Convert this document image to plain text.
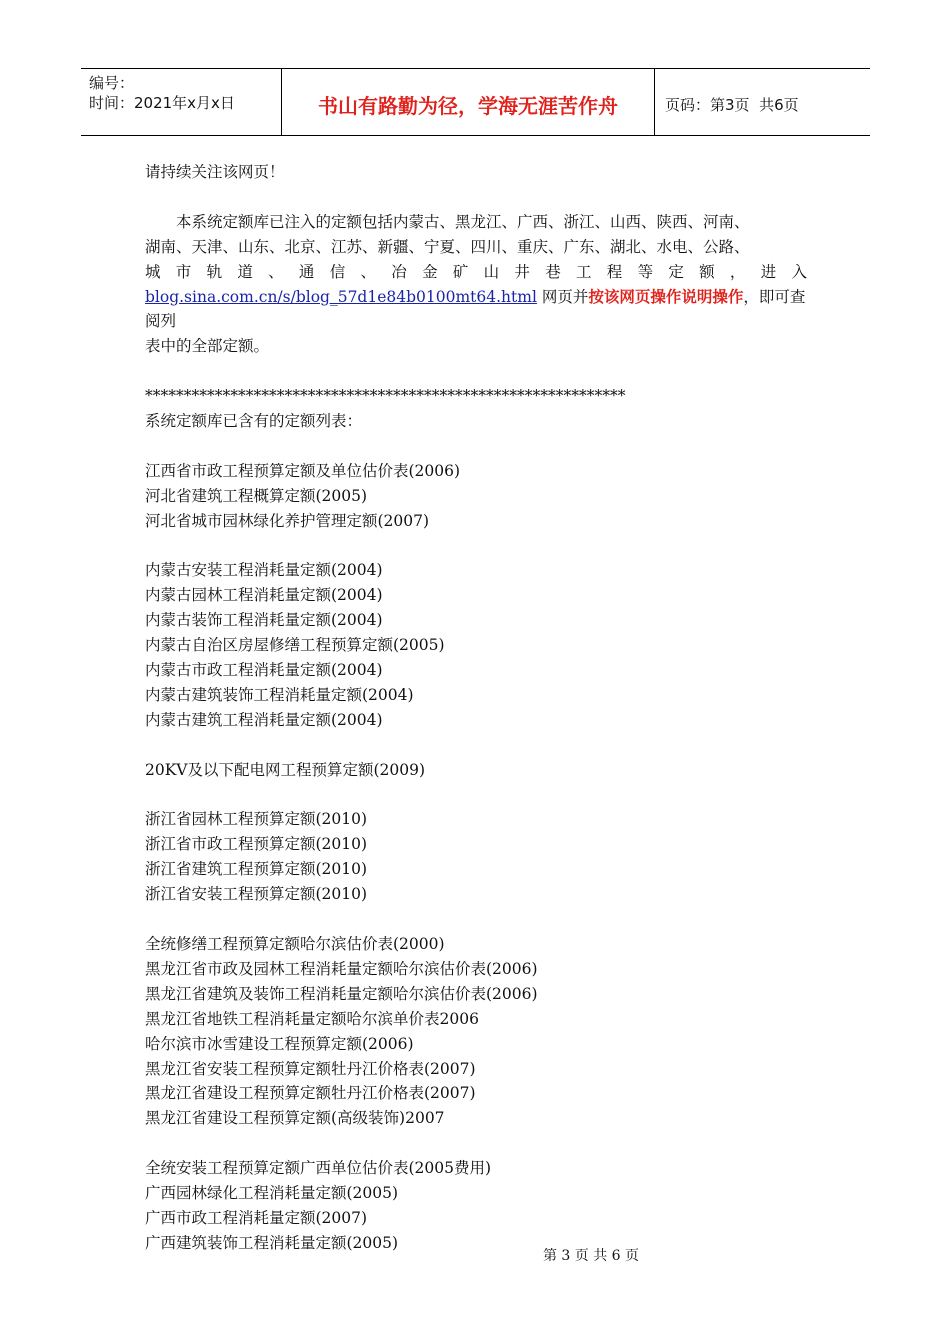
编号：
时间：2021年x月x日	书山有路勤为径，学海无涯苦作舟	页码：第3页  共6页

请持续关注该网页！

本系统定额库已注入的定额包括内蒙古、黑龙江、广西、浙江、山西、陕西、河南、

湖南、天津、山东、北京、江苏、新疆、宁夏、四川、重庆、广东、湖北、水电、公路、

城 市 轨 道 、 通 信 、 冶 金 矿 山 井 巷 工 程 等 定 额 ， 进 入

blog.sina.com.cn/s/blog_57d1e84b0100mt64.html 网页并按该网页操作说明操作，即可查阅列

表中的全部定额。

**************************************************************

系统定额库已含有的定额列表：

江西省市政工程预算定额及单位估价表(2006)
河北省建筑工程概算定额(2005)
河北省城市园林绿化养护管理定额(2007)
内蒙古安装工程消耗量定额(2004)
内蒙古园林工程消耗量定额(2004)
内蒙古装饰工程消耗量定额(2004)
内蒙古自治区房屋修缮工程预算定额(2005)
内蒙古市政工程消耗量定额(2004)
内蒙古建筑装饰工程消耗量定额(2004)
内蒙古建筑工程消耗量定额(2004)
20KV及以下配电网工程预算定额(2009)
浙江省园林工程预算定额(2010)
浙江省市政工程预算定额(2010)
浙江省建筑工程预算定额(2010)
浙江省安装工程预算定额(2010)
全统修缮工程预算定额哈尔滨估价表(2000)
黑龙江省市政及园林工程消耗量定额哈尔滨估价表(2006)
黑龙江省建筑及装饰工程消耗量定额哈尔滨估价表(2006)
黑龙江省地铁工程消耗量定额哈尔滨单价表2006
哈尔滨市冰雪建设工程预算定额(2006)
黑龙江省安装工程预算定额牡丹江价格表(2007)
黑龙江省建设工程预算定额牡丹江价格表(2007)
黑龙江省建设工程预算定额(高级装饰)2007
全统安装工程预算定额广西单位估价表(2005费用)
广西园林绿化工程消耗量定额(2005)
广西市政工程消耗量定额(2007)
广西建筑装饰工程消耗量定额(2005)
第 3 页 共 6 页
